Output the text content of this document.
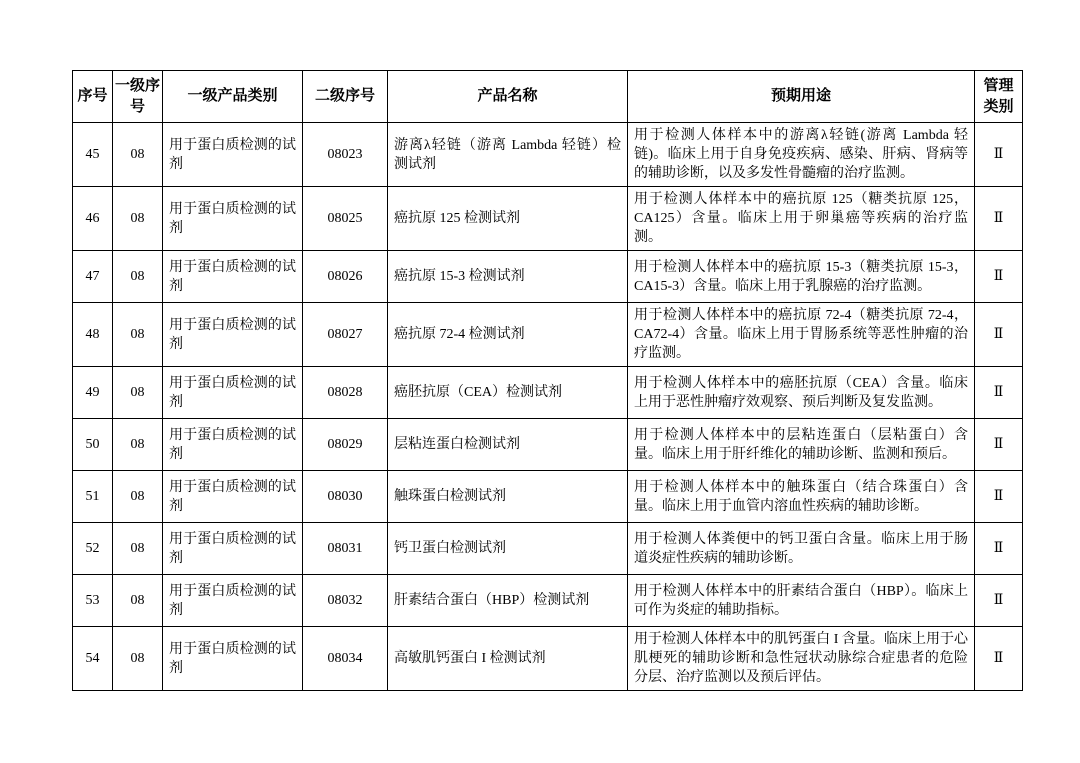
序号	一级序号	一级产品类别	二级序号	产品名称	预期用途	管理类别
45	08	用于蛋白质检测的试剂	08023	游离λ轻链（游离 Lambda 轻链）检测试剂	用于检测人体样本中的游离λ轻链(游离 Lambda 轻链)。临床上用于自身免疫疾病、感染、肝病、肾病等的辅助诊断，以及多发性骨髓瘤的治疗监测。	Ⅱ
46	08	用于蛋白质检测的试剂	08025	癌抗原 125 检测试剂	用于检测人体样本中的癌抗原 125（糖类抗原 125，CA125）含量。临床上用于卵巢癌等疾病的治疗监测。	Ⅱ
47	08	用于蛋白质检测的试剂	08026	癌抗原 15-3 检测试剂	用于检测人体样本中的癌抗原 15-3（糖类抗原 15-3，CA15-3）含量。临床上用于乳腺癌的治疗监测。	Ⅱ
48	08	用于蛋白质检测的试剂	08027	癌抗原 72-4 检测试剂	用于检测人体样本中的癌抗原 72-4（糖类抗原 72-4，CA72-4）含量。临床上用于胃肠系统等恶性肿瘤的治疗监测。	Ⅱ
49	08	用于蛋白质检测的试剂	08028	癌胚抗原（CEA）检测试剂	用于检测人体样本中的癌胚抗原（CEA）含量。临床上用于恶性肿瘤疗效观察、预后判断及复发监测。	Ⅱ
50	08	用于蛋白质检测的试剂	08029	层粘连蛋白检测试剂	用于检测人体样本中的层粘连蛋白（层粘蛋白）含量。临床上用于肝纤维化的辅助诊断、监测和预后。	Ⅱ
51	08	用于蛋白质检测的试剂	08030	触珠蛋白检测试剂	用于检测人体样本中的触珠蛋白（结合珠蛋白）含量。临床上用于血管内溶血性疾病的辅助诊断。	Ⅱ
52	08	用于蛋白质检测的试剂	08031	钙卫蛋白检测试剂	用于检测人体粪便中的钙卫蛋白含量。临床上用于肠道炎症性疾病的辅助诊断。	Ⅱ
53	08	用于蛋白质检测的试剂	08032	肝素结合蛋白（HBP）检测试剂	用于检测人体样本中的肝素结合蛋白（HBP）。临床上可作为炎症的辅助指标。	Ⅱ
54	08	用于蛋白质检测的试剂	08034	高敏肌钙蛋白 I 检测试剂	用于检测人体样本中的肌钙蛋白 I 含量。临床上用于心肌梗死的辅助诊断和急性冠状动脉综合症患者的危险分层、治疗监测以及预后评估。	Ⅱ
